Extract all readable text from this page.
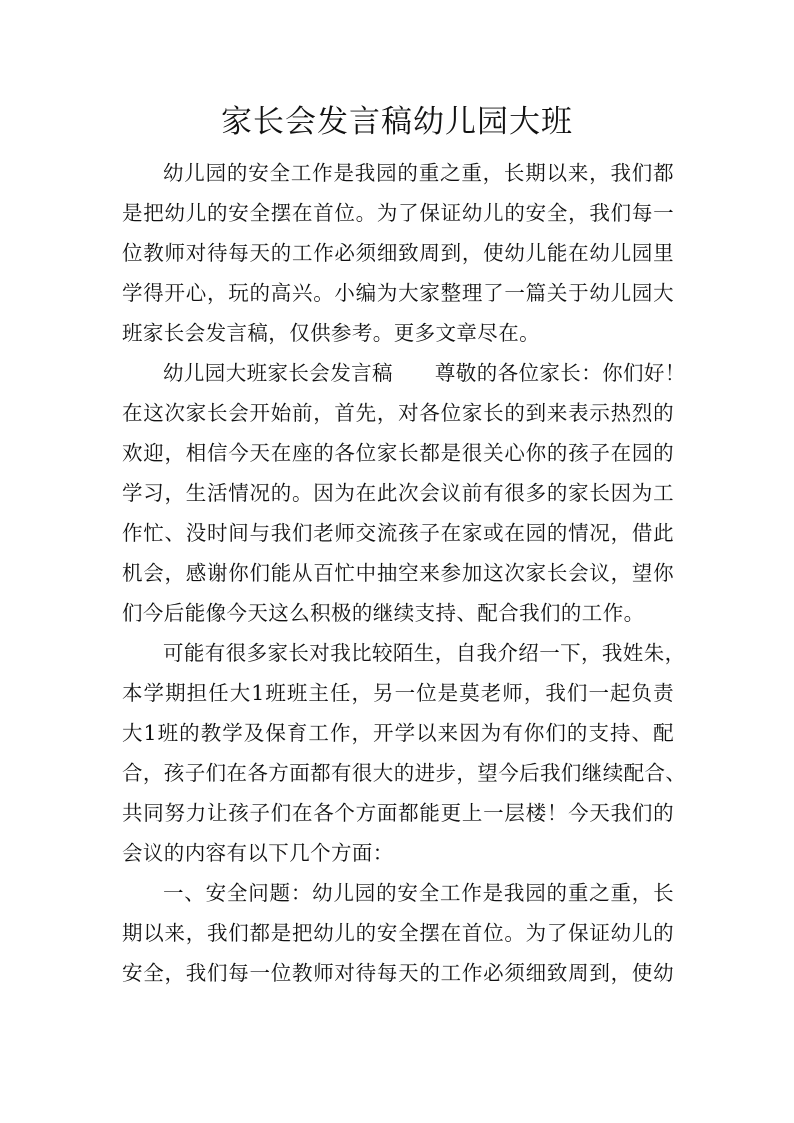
家长会发言稿幼儿园大班
幼儿园的安全工作是我园的重之重，长期以来，我们都
是把幼儿的安全摆在首位。为了保证幼儿的安全，我们每一
位教师对待每天的工作必须细致周到，使幼儿能在幼儿园里
学得开心，玩的高兴。小编为大家整理了一篇关于幼儿园大
班家长会发言稿，仅供参考。更多文章尽在。
幼儿园大班家长会发言稿 尊敬的各位家长：你们好！
在这次家长会开始前，首先，对各位家长的到来表示热烈的
欢迎，相信今天在座的各位家长都是很关心你的孩子在园的
学习，生活情况的。因为在此次会议前有很多的家长因为工
作忙、没时间与我们老师交流孩子在家或在园的情况，借此
机会，感谢你们能从百忙中抽空来参加这次家长会议，望你
们今后能像今天这么积极的继续支持、配合我们的工作。
可能有很多家长对我比较陌生，自我介绍一下，我姓朱，
本学期担任大1班班主任，另一位是莫老师，我们一起负责
大1班的教学及保育工作，开学以来因为有你们的支持、配
合，孩子们在各方面都有很大的进步，望今后我们继续配合、
共同努力让孩子们在各个方面都能更上一层楼！今天我们的
会议的内容有以下几个方面：
一、安全问题：幼儿园的安全工作是我园的重之重，长
期以来，我们都是把幼儿的安全摆在首位。为了保证幼儿的
安全，我们每一位教师对待每天的工作必须细致周到，使幼
